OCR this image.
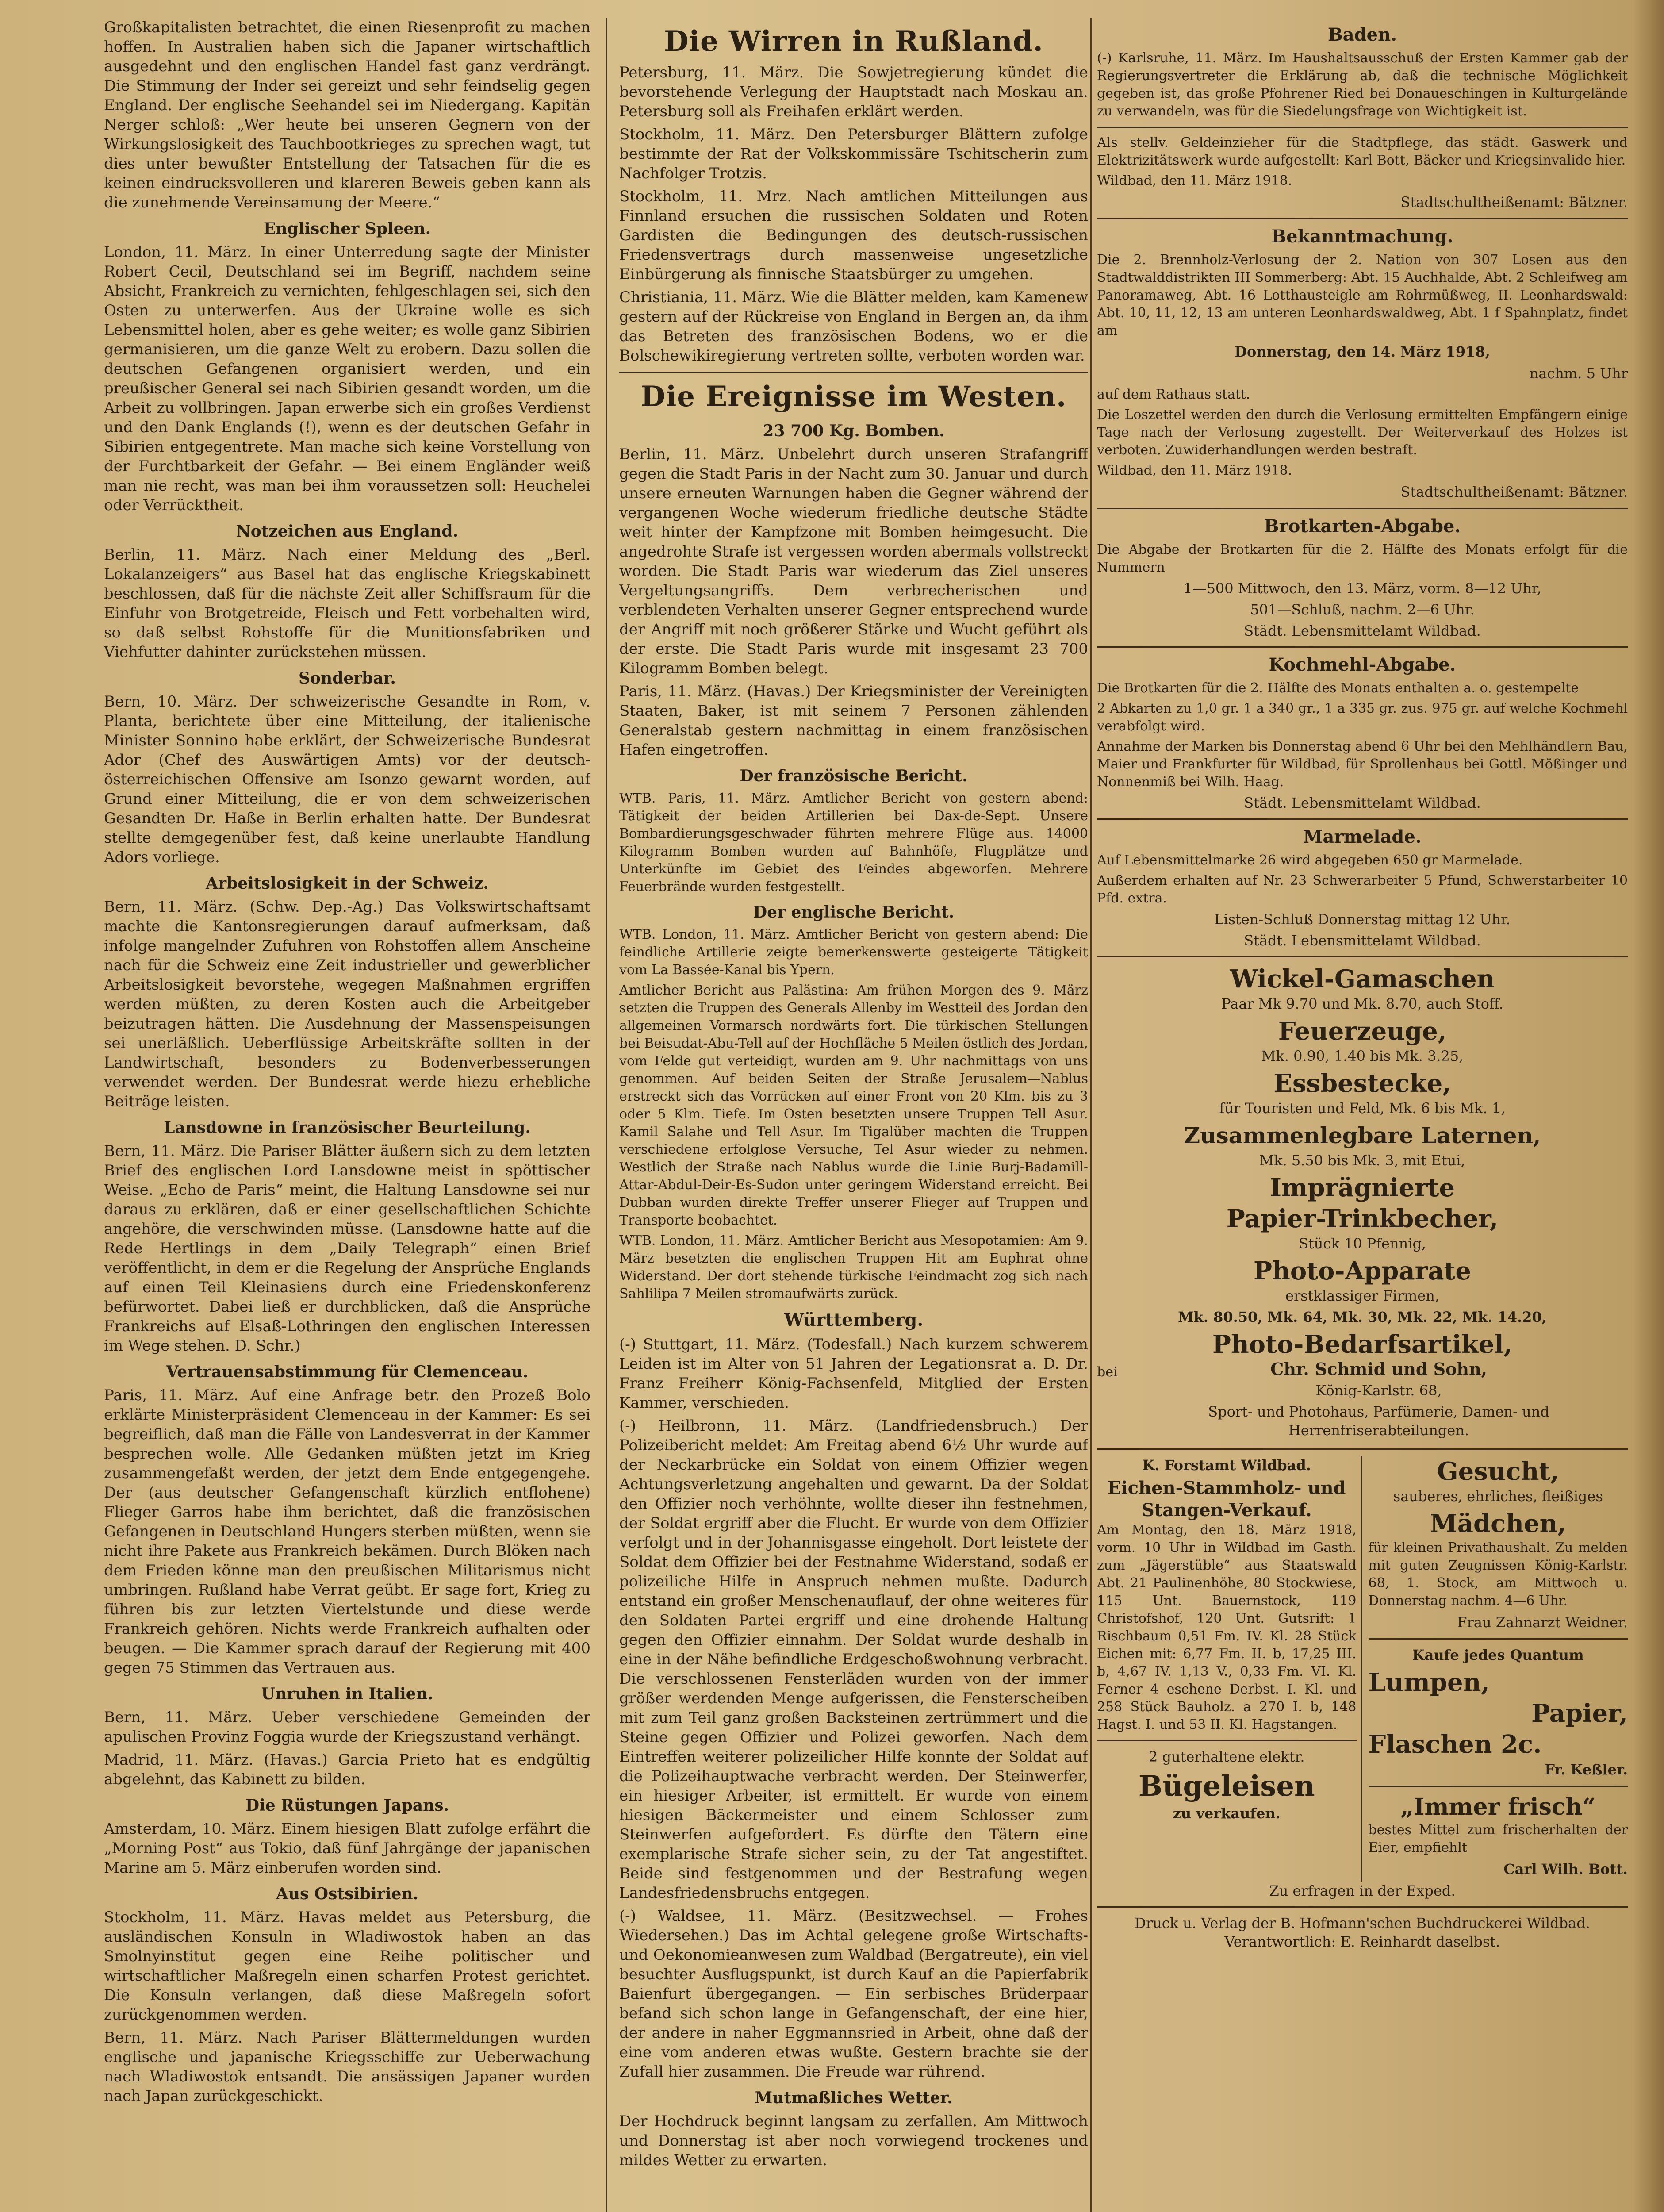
Großkapitalisten betrachtet, die einen Riesenprofit zu machen hoffen. In Australien haben sich die Japaner wirtschaftlich ausgedehnt und den englischen Handel fast ganz verdrängt. Die Stimmung der Inder sei gereizt und sehr feindselig gegen England. Der englische Seehandel sei im Niedergang. Kapitän Nerger schloß: „Wer heute bei unseren Gegnern von der Wirkungslosigkeit des Tauchbootkrieges zu sprechen wagt, tut dies unter bewußter Entstellung der Tatsachen für die es keinen eindrucksvolleren und klareren Beweis geben kann als die zunehmende Vereinsamung der Meere.“

Englischer Spleen.

London, 11. März. In einer Unterredung sagte der Minister Robert Cecil, Deutschland sei im Begriff, nachdem seine Absicht, Frankreich zu vernichten, fehlgeschlagen sei, sich den Osten zu unterwerfen. Aus der Ukraine wolle es sich Lebensmittel holen, aber es gehe weiter; es wolle ganz Sibirien germanisieren, um die ganze Welt zu erobern. Dazu sollen die deutschen Gefangenen organisiert werden, und ein preußischer General sei nach Sibirien gesandt worden, um die Arbeit zu vollbringen. Japan erwerbe sich ein großes Verdienst und den Dank Englands (!), wenn es der deutschen Gefahr in Sibirien entgegentrete. Man mache sich keine Vorstellung von der Furchtbarkeit der Gefahr. — Bei einem Engländer weiß man nie recht, was man bei ihm voraussetzen soll: Heuchelei oder Verrücktheit.

Notzeichen aus England.

Berlin, 11. März. Nach einer Meldung des „Berl. Lokalanzeigers“ aus Basel hat das englische Kriegskabinett beschlossen, daß für die nächste Zeit aller Schiffsraum für die Einfuhr von Brotgetreide, Fleisch und Fett vorbehalten wird, so daß selbst Rohstoffe für die Munitionsfabriken und Viehfutter dahinter zurückstehen müssen.

Sonderbar.

Bern, 10. März. Der schweizerische Gesandte in Rom, v. Planta, berichtete über eine Mitteilung, der italienische Minister Sonnino habe erklärt, der Schweizerische Bundesrat Ador (Chef des Auswärtigen Amts) vor der deutsch-österreichischen Offensive am Isonzo gewarnt worden, auf Grund einer Mitteilung, die er von dem schweizerischen Gesandten Dr. Haße in Berlin erhalten hatte. Der Bundesrat stellte demgegenüber fest, daß keine unerlaubte Handlung Adors vorliege.

Arbeitslosigkeit in der Schweiz.

Bern, 11. März. (Schw. Dep.-Ag.) Das Volkswirtschaftsamt machte die Kantonsregierungen darauf aufmerksam, daß infolge mangelnder Zufuhren von Rohstoffen allem Anscheine nach für die Schweiz eine Zeit industrieller und gewerblicher Arbeitslosigkeit bevorstehe, wegegen Maßnahmen ergriffen werden müßten, zu deren Kosten auch die Arbeitgeber beizutragen hätten. Die Ausdehnung der Massenspeisungen sei unerläßlich. Ueberflüssige Arbeitskräfte sollten in der Landwirtschaft, besonders zu Bodenverbesserungen verwendet werden. Der Bundesrat werde hiezu erhebliche Beiträge leisten.

Lansdowne in französischer Beurteilung.

Bern, 11. März. Die Pariser Blätter äußern sich zu dem letzten Brief des englischen Lord Lansdowne meist in spöttischer Weise. „Echo de Paris“ meint, die Haltung Lansdowne sei nur daraus zu erklären, daß er einer gesellschaftlichen Schichte angehöre, die verschwinden müsse. (Lansdowne hatte auf die Rede Hertlings in dem „Daily Telegraph“ einen Brief veröffentlicht, in dem er die Regelung der Ansprüche Englands auf einen Teil Kleinasiens durch eine Friedenskonferenz befürwortet. Dabei ließ er durchblicken, daß die Ansprüche Frankreichs auf Elsaß-Lothringen den englischen Interessen im Wege stehen. D. Schr.)

Vertrauensabstimmung für Clemenceau.

Paris, 11. März. Auf eine Anfrage betr. den Prozeß Bolo erklärte Ministerpräsident Clemenceau in der Kammer: Es sei begreiflich, daß man die Fälle von Landesverrat in der Kammer besprechen wolle. Alle Gedanken müßten jetzt im Krieg zusammengefaßt werden, der jetzt dem Ende entgegengehe. Der (aus deutscher Gefangenschaft kürzlich entflohene) Flieger Garros habe ihm berichtet, daß die französischen Gefangenen in Deutschland Hungers sterben müßten, wenn sie nicht ihre Pakete aus Frankreich bekämen. Durch Blöken nach dem Frieden könne man den preußischen Militarismus nicht umbringen. Rußland habe Verrat geübt. Er sage fort, Krieg zu führen bis zur letzten Viertelstunde und diese werde Frankreich gehören. Nichts werde Frankreich aufhalten oder beugen. — Die Kammer sprach darauf der Regierung mit 400 gegen 75 Stimmen das Vertrauen aus.

Unruhen in Italien.

Bern, 11. März. Ueber verschiedene Gemeinden der apulischen Provinz Foggia wurde der Kriegszustand verhängt.

Madrid, 11. März. (Havas.) Garcia Prieto hat es endgültig abgelehnt, das Kabinett zu bilden.

Die Rüstungen Japans.

Amsterdam, 10. März. Einem hiesigen Blatt zufolge erfährt die „Morning Post“ aus Tokio, daß fünf Jahrgänge der japanischen Marine am 5. März einberufen worden sind.

Aus Ostsibirien.

Stockholm, 11. März. Havas meldet aus Petersburg, die ausländischen Konsuln in Wladiwostok haben an das Smolnyinstitut gegen eine Reihe politischer und wirtschaftlicher Maßregeln einen scharfen Protest gerichtet. Die Konsuln verlangen, daß diese Maßregeln sofort zurückgenommen werden.

Bern, 11. März. Nach Pariser Blättermeldungen wurden englische und japanische Kriegsschiffe zur Ueberwachung nach Wladiwostok entsandt. Die ansässigen Japaner wurden nach Japan zurückgeschickt.

Die Wirren in Rußland.

Petersburg, 11. März. Die Sowjetregierung kündet die bevorstehende Verlegung der Hauptstadt nach Moskau an. Petersburg soll als Freihafen erklärt werden.

Stockholm, 11. März. Den Petersburger Blättern zufolge bestimmte der Rat der Volkskommissäre Tschitscherin zum Nachfolger Trotzis.

Stockholm, 11. Mrz. Nach amtlichen Mitteilungen aus Finnland ersuchen die russischen Soldaten und Roten Gardisten die Bedingungen des deutsch-russischen Friedensvertrags durch massenweise ungesetzliche Einbürgerung als finnische Staatsbürger zu umgehen.

Christiania, 11. März. Wie die Blätter melden, kam Kamenew gestern auf der Rückreise von England in Bergen an, da ihm das Betreten des französischen Bodens, wo er die Bolschewikiregierung vertreten sollte, verboten worden war.

Die Ereignisse im Westen.
23 700 Kg. Bomben.

Berlin, 11. März. Unbelehrt durch unseren Strafangriff gegen die Stadt Paris in der Nacht zum 30. Januar und durch unsere erneuten Warnungen haben die Gegner während der vergangenen Woche wiederum friedliche deutsche Städte weit hinter der Kampfzone mit Bomben heimgesucht. Die angedrohte Strafe ist vergessen worden abermals vollstreckt worden. Die Stadt Paris war wiederum das Ziel unseres Vergeltungsangriffs. Dem verbrecherischen und verblendeten Verhalten unserer Gegner entsprechend wurde der Angriff mit noch größerer Stärke und Wucht geführt als der erste. Die Stadt Paris wurde mit insgesamt 23 700 Kilogramm Bomben belegt.

Paris, 11. März. (Havas.) Der Kriegsminister der Vereinigten Staaten, Baker, ist mit seinem 7 Personen zählenden Generalstab gestern nachmittag in einem französischen Hafen eingetroffen.

Der französische Bericht.

WTB. Paris, 11. März. Amtlicher Bericht von gestern abend: Tätigkeit der beiden Artillerien bei Dax-de-Sept. Unsere Bombardierungsgeschwader führten mehrere Flüge aus. 14000 Kilogramm Bomben wurden auf Bahnhöfe, Flugplätze und Unterkünfte im Gebiet des Feindes abgeworfen. Mehrere Feuerbrände wurden festgestellt.

Der englische Bericht.

WTB. London, 11. März. Amtlicher Bericht von gestern abend: Die feindliche Artillerie zeigte bemerkenswerte gesteigerte Tätigkeit vom La Bassée-Kanal bis Ypern.

Amtlicher Bericht aus Palästina: Am frühen Morgen des 9. März setzten die Truppen des Generals Allenby im Westteil des Jordan den allgemeinen Vormarsch nordwärts fort. Die türkischen Stellungen bei Beisudat-Abu-Tell auf der Hochfläche 5 Meilen östlich des Jordan, vom Felde gut verteidigt, wurden am 9. Uhr nachmittags von uns genommen. Auf beiden Seiten der Straße Jerusalem—Nablus erstreckt sich das Vorrücken auf einer Front von 20 Klm. bis zu 3 oder 5 Klm. Tiefe. Im Osten besetzten unsere Truppen Tell Asur. Kamil Salahe und Tell Asur. Im Tigalüber machten die Truppen verschiedene erfolglose Versuche, Tel Asur wieder zu nehmen. Westlich der Straße nach Nablus wurde die Linie Burj-Badamill-Attar-Abdul-Deir-Es-Sudon unter geringem Widerstand erreicht. Bei Dubban wurden direkte Treffer unserer Flieger auf Truppen und Transporte beobachtet.

WTB. London, 11. März. Amtlicher Bericht aus Mesopotamien: Am 9. März besetzten die englischen Truppen Hit am Euphrat ohne Widerstand. Der dort stehende türkische Feindmacht zog sich nach Sahlilipa 7 Meilen stromaufwärts zurück.

Württemberg.

(-) Stuttgart, 11. März. (Todesfall.) Nach kurzem schwerem Leiden ist im Alter von 51 Jahren der Legationsrat a. D. Dr. Franz Freiherr König-Fachsenfeld, Mitglied der Ersten Kammer, verschieden.

(-) Heilbronn, 11. März. (Landfriedensbruch.) Der Polizeibericht meldet: Am Freitag abend 6½ Uhr wurde auf der Neckarbrücke ein Soldat von einem Offizier wegen Achtungsverletzung angehalten und gewarnt. Da der Soldat den Offizier noch verhöhnte, wollte dieser ihn festnehmen, der Soldat ergriff aber die Flucht. Er wurde von dem Offizier verfolgt und in der Johannisgasse eingeholt. Dort leistete der Soldat dem Offizier bei der Festnahme Widerstand, sodaß er polizeiliche Hilfe in Anspruch nehmen mußte. Dadurch entstand ein großer Menschenauflauf, der ohne weiteres für den Soldaten Partei ergriff und eine drohende Haltung gegen den Offizier einnahm. Der Soldat wurde deshalb in eine in der Nähe befindliche Erdgeschoßwohnung verbracht. Die verschlossenen Fensterläden wurden von der immer größer werdenden Menge aufgerissen, die Fensterscheiben mit zum Teil ganz großen Backsteinen zertrümmert und die Steine gegen Offizier und Polizei geworfen. Nach dem Eintreffen weiterer polizeilicher Hilfe konnte der Soldat auf die Polizeihauptwache verbracht werden. Der Steinwerfer, ein hiesiger Arbeiter, ist ermittelt. Er wurde von einem hiesigen Bäckermeister und einem Schlosser zum Steinwerfen aufgefordert. Es dürfte den Tätern eine exemplarische Strafe sicher sein, zu der Tat angestiftet. Beide sind festgenommen und der Bestrafung wegen Landesfriedensbruchs entgegen.

(-) Waldsee, 11. März. (Besitzwechsel. — Frohes Wiedersehen.) Das im Achtal gelegene große Wirtschafts- und Oekonomieanwesen zum Waldbad (Bergatreute), ein viel besuchter Ausflugspunkt, ist durch Kauf an die Papierfabrik Baienfurt übergegangen. — Ein serbisches Brüderpaar befand sich schon lange in Gefangenschaft, der eine hier, der andere in naher Eggmannsried in Arbeit, ohne daß der eine vom anderen etwas wußte. Gestern brachte sie der Zufall hier zusammen. Die Freude war rührend.

Mutmaßliches Wetter.

Der Hochdruck beginnt langsam zu zerfallen. Am Mittwoch und Donnerstag ist aber noch vorwiegend trockenes und mildes Wetter zu erwarten.

Baden.

(-) Karlsruhe, 11. März. Im Haushaltsausschuß der Ersten Kammer gab der Regierungsvertreter die Erklärung ab, daß die technische Möglichkeit gegeben ist, das große Pfohrener Ried bei Donaueschingen in Kulturgelände zu verwandeln, was für die Siedelungsfrage von Wichtigkeit ist.

Als stellv. Geldeinzieher für die Stadtpflege, das städt. Gaswerk und Elektrizitätswerk wurde aufgestellt: Karl Bott, Bäcker und Kriegsinvalide hier.

Wildbad, den 11. März 1918.

Stadtschultheißenamt: Bätzner.

Bekanntmachung.

Die 2. Brennholz-Verlosung der 2. Nation von 307 Losen aus den Stadtwalddistrikten III Sommerberg: Abt. 15 Auchhalde, Abt. 2 Schleifweg am Panoramaweg, Abt. 16 Lotthausteigle am Rohrmüßweg, II. Leonhardswald: Abt. 10, 11, 12, 13 am unteren Leonhardswaldweg, Abt. 1 f Spahnplatz, findet am

Donnerstag, den 14. März 1918,

nachm. 5 Uhr

auf dem Rathaus statt.

Die Loszettel werden den durch die Verlosung ermittelten Empfängern einige Tage nach der Verlosung zugestellt. Der Weiterverkauf des Holzes ist verboten. Zuwiderhandlungen werden bestraft.

Wildbad, den 11. März 1918.

Stadtschultheißenamt: Bätzner.

Brotkarten-Abgabe.

Die Abgabe der Brotkarten für die 2. Hälfte des Monats erfolgt für die Nummern

1—500 Mittwoch, den 13. März, vorm. 8—12 Uhr,

501—Schluß, nachm. 2—6 Uhr.

Städt. Lebensmittelamt Wildbad.

Kochmehl-Abgabe.

Die Brotkarten für die 2. Hälfte des Monats enthalten a. o. gestempelte

2 Abkarten zu 1,0 gr. 1 a 340 gr., 1 a 335 gr. zus. 975 gr. auf welche Kochmehl verabfolgt wird.

Annahme der Marken bis Donnerstag abend 6 Uhr bei den Mehlhändlern Bau, Maier und Frankfurter für Wildbad, für Sprollenhaus bei Gottl. Mößinger und Nonnenmiß bei Wilh. Haag.

Städt. Lebensmittelamt Wildbad.

Marmelade.

Auf Lebensmittelmarke 26 wird abgegeben 650 gr Marmelade.

Außerdem erhalten auf Nr. 23 Schwerarbeiter 5 Pfund, Schwerstarbeiter 10 Pfd. extra.

Listen-Schluß Donnerstag mittag 12 Uhr.

Städt. Lebensmittelamt Wildbad.

Wickel-Gamaschen

Paar Mk 9.70 und Mk. 8.70, auch Stoff.

Feuerzeuge,

Mk. 0.90, 1.40 bis Mk. 3.25,

Essbestecke,

für Touristen und Feld, Mk. 6 bis Mk. 1,

Zusammenlegbare Laternen,

Mk. 5.50 bis Mk. 3, mit Etui,

Imprägnierte
Papier-Trinkbecher,

Stück 10 Pfennig,

Photo-Apparate

erstklassiger Firmen,

Mk. 80.50, Mk. 64, Mk. 30, Mk. 22, Mk. 14.20,

Photo-Bedarfsartikel,
bei	Chr. Schmid und Sohn,

König-Karlstr. 68,

Sport- und Photohaus, Parfümerie, Damen- und Herrenfriserabteilungen.

K. Forstamt Wildbad.

Eichen-Stammholz- und Stangen-Verkauf.

Am Montag, den 18. März 1918, vorm. 10 Uhr in Wildbad im Gasth. zum „Jägerstüble“ aus Staatswald Abt. 21 Paulinenhöhe, 80 Stockwiese, 115 Unt. Bauernstock, 119 Christofshof, 120 Unt. Gutsrift: 1 Rischbaum 0,51 Fm. IV. Kl. 28 Stück Eichen mit: 6,77 Fm. II. b, 17,25 III. b, 4,67 IV. 1,13 V., 0,33 Fm. VI. Kl. Ferner 4 eschene Derbst. I. Kl. und 258 Stück Bauholz. a 270 I. b, 148 Hagst. I. und 53 II. Kl. Hagstangen.

2 guterhaltene elektr.

Bügeleisen

zu verkaufen.

Gesucht,

sauberes, ehrliches, fleißiges

Mädchen,

für kleinen Privathaushalt. Zu melden mit guten Zeugnissen König-Karlstr. 68, 1. Stock, am Mittwoch u. Donnerstag nachm. 4—6 Uhr.

Frau Zahnarzt Weidner.

Kaufe jedes Quantum

Lumpen,
Papier,
Flaschen 2c.

Fr. Keßler.

„Immer frisch“

bestes Mittel zum frischerhalten der Eier, empfiehlt

Carl Wilh. Bott.

Zu erfragen in der Exped.

Druck u. Verlag der B. Hofmann'schen Buchdruckerei Wildbad. Verantwortlich: E. Reinhardt daselbst.
